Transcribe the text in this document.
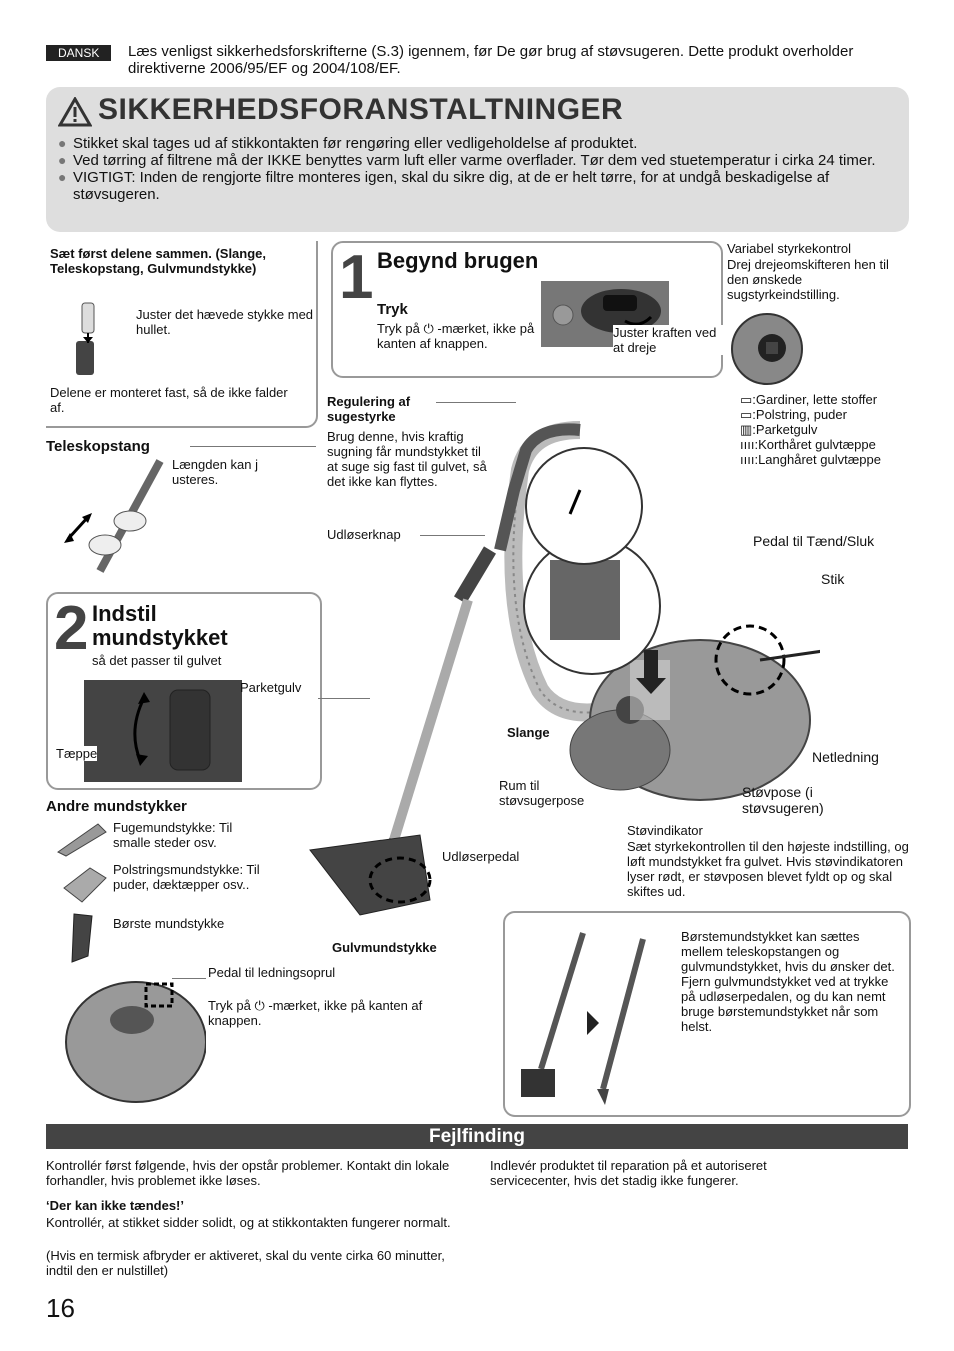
DANSK	Læs venligst sikkerhedsforskrifterne (S.3) igennem, før De gør brug af støvsugeren. Dette produkt overholder direktiverne 2006/95/EF og 2004/108/EF.
SIKKERHEDSFORANSTALTNINGER
● Stikket skal tages ud af stikkontakten før rengøring eller vedligeholdelse af produktet.
● Ved tørring af filtrene må der IKKE benyttes varm luft eller varme overflader. Tør dem ved stuetemperatur i cirka 24 timer.
● VIGTIGT: Inden de rengjorte filtre monteres igen, skal du sikre dig, at de er helt tørre, for at undgå beskadigelse af støvsugeren.
Sæt først delene sammen. (Slange, Teleskopstang, Gulvmundstykke)
Juster det hævede stykke med hullet.
Delene er monteret fast, så de ikke falder af.
1 Begynd brugen
Tryk
Tryk på ⏻ -mærket, ikke på kanten af knappen.
Juster kraften ved at dreje
Variabel styrkekontrol
Drej drejeomskifteren hen til den ønskede sugstyrkeindstilling.
▭:Gardiner, lette stoffer
▭:Polstring, puder
▥:Parketgulv
ıııı:Korthåret gulvtæppe
ıııı:Langhåret gulvtæppe
Teleskopstang
Længden kan j usteres.
Regulering af sugestyrke
Brug denne, hvis kraftig sugning får mundstykket til at suge sig fast til gulvet, så det ikke kan flyttes.
Udløserknap	Pedal til Tænd/Sluk
Stik
Slange
Netledning
Rum til støvsugerpose
Støvpose (i støvsugeren)
Udløserpedal
Gulvmundstykke
Støvindikator
Sæt styrkekontrollen til den højeste indstilling, og løft mundstykket fra gulvet. Hvis støvindikatoren lyser rødt, er støvposen blevet fyldt op og skal skiftes ud.
2 Indstil mundstykket
så det passer til gulvet
Parketgulv
Tæppe
Andre mundstykker
Fugemundstykke: Til smalle steder osv.
Polstringsmundstykke: Til puder, dæktæpper osv..
Børste mundstykke
Pedal til ledningsoprul
Tryk på ⏻ -mærket, ikke på kanten af knappen.
Børstemundstykket kan sættes mellem teleskopstangen og gulvmundstykket, hvis du ønsker det. Fjern gulvmundstykket ved at trykke på udløserpedalen, og du kan nemt bruge børstemundstykket når som helst.
Fejlfinding
Kontrollér først følgende, hvis der opstår problemer. Kontakt din lokale forhandler, hvis problemet ikke løses.
‘Der kan ikke tændes!’
Kontrollér, at stikket sidder solidt, og at stikkontakten fungerer normalt.
(Hvis en termisk afbryder er aktiveret, skal du vente cirka 60 minutter, indtil den er nulstillet)
Indlevér produktet til reparation på et autoriseret servicecenter, hvis det stadig ikke fungerer.
16
